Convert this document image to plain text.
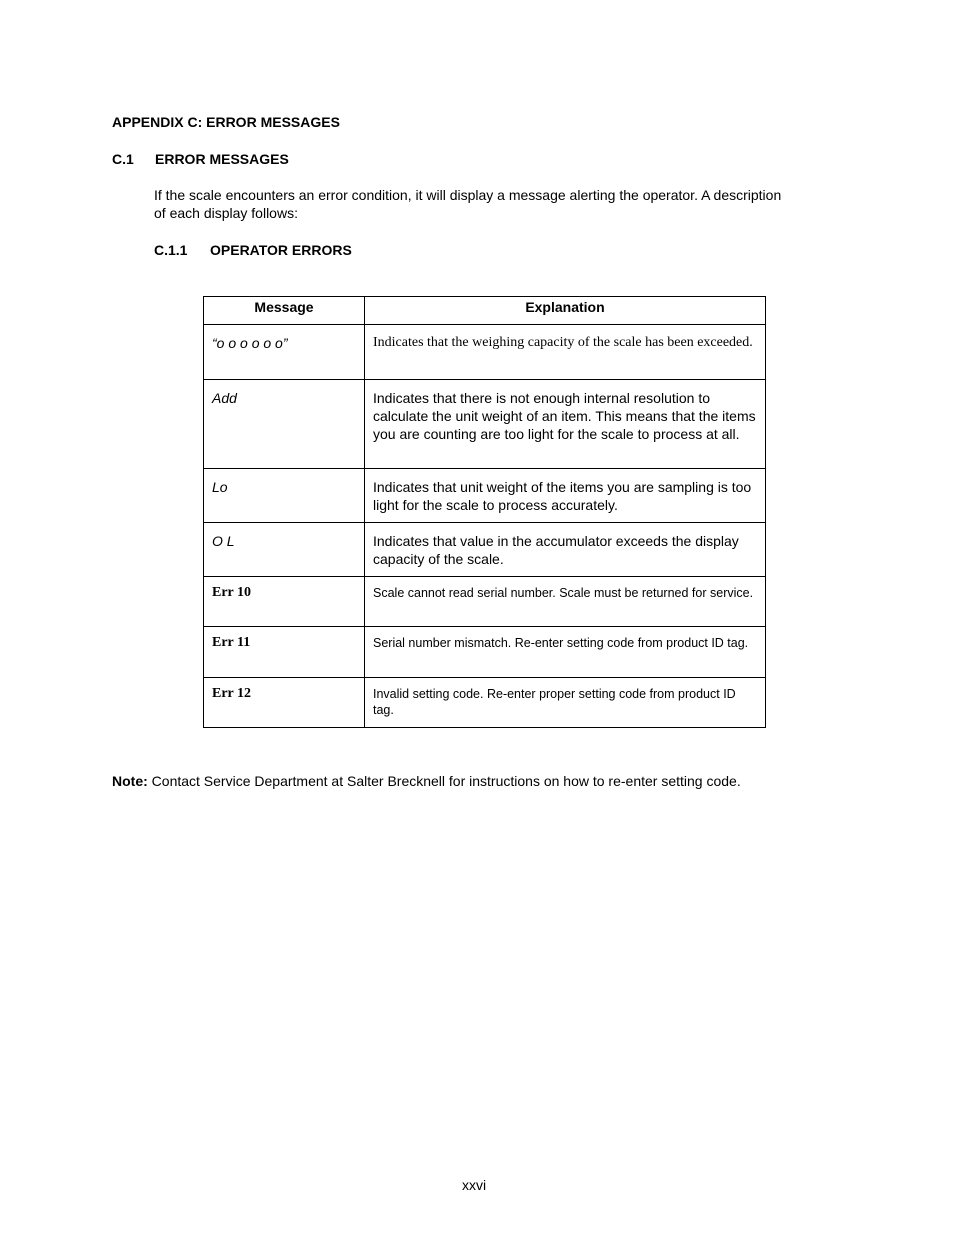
APPENDIX C: ERROR MESSAGES
C.1 ERROR MESSAGES
If the scale encounters an error condition, it will display a message alerting the operator. A description of each display follows:
C.1.1 OPERATOR ERRORS
Message	Explanation
“o o o o o o”	Indicates that the weighing capacity of the scale has been exceeded.
Add	Indicates that there is not enough internal resolution to calculate the unit weight of an item. This means that the items you are counting are too light for the scale to process at all.
Lo	Indicates that unit weight of the items you are sampling is too light for the scale to process accurately.
O L	Indicates that value in the accumulator exceeds the display capacity of the scale.
Err 10	Scale cannot read serial number. Scale must be returned for service.
Err 11	Serial number mismatch. Re-enter setting code from product ID tag.
Err 12	Invalid setting code. Re-enter proper setting code from product ID tag.
Note: Contact Service Department at Salter Brecknell for instructions on how to re-enter setting code.
xxvi
